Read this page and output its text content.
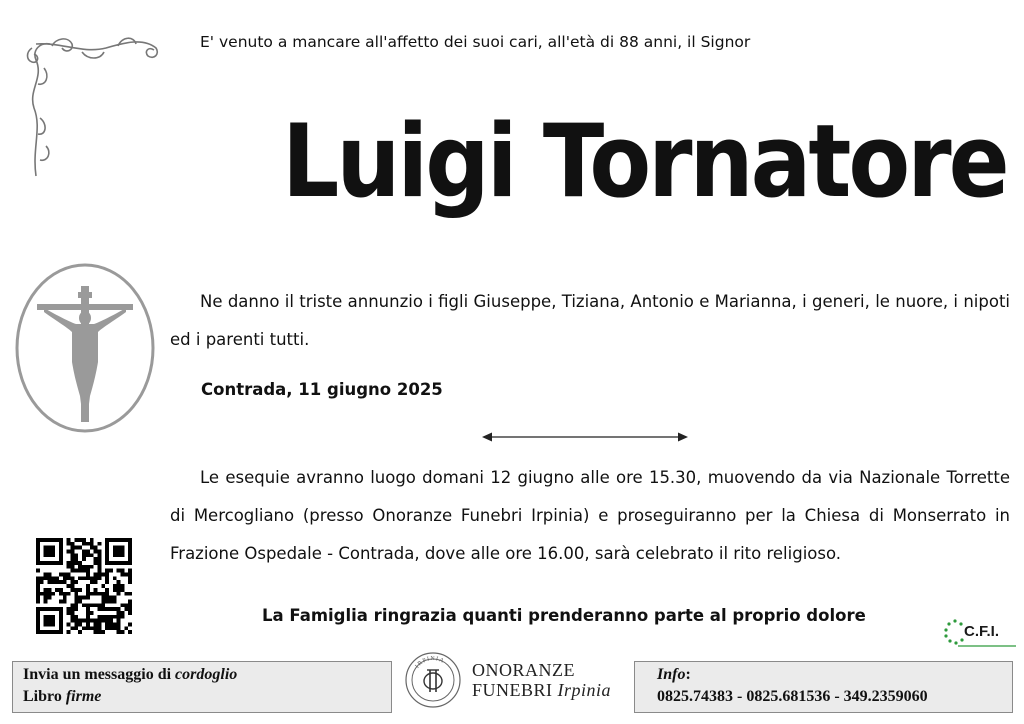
E' venuto a mancare all'affetto dei suoi cari, all'età di 88 anni, il Signor
Luigi Tornatore
Ne danno il triste annunzio i figli Giuseppe, Tiziana, Antonio e Marianna, i generi, le nuore, i nipoti ed i parenti tutti.
Contrada, 11 giugno 2025
Le esequie avranno luogo domani 12 giugno alle ore 15.30, muovendo da via Nazionale Torrette di Mercogliano (presso Onoranze Funebri Irpinia) e proseguiranno per la Chiesa di Monserrato in Frazione Ospedale - Contrada, dove alle ore 16.00, sarà celebrato il rito religioso.
La Famiglia ringrazia quanti prenderanno parte al proprio dolore
C.F.I.
Invia un messaggio di cordoglio
Libro firme
IRPINIA ONORANZE
FUNEBRI Irpinia
Info:
0825.74383 - 0825.681536 - 349.2359060
